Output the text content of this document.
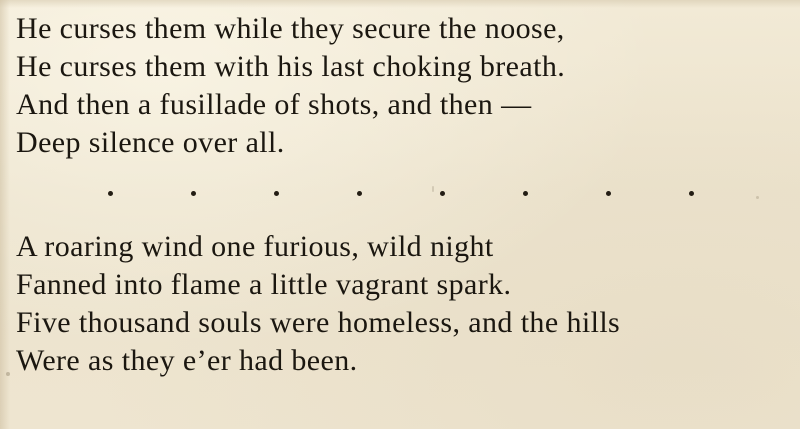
He curses them while they secure the noose,
He curses them with his last choking breath.
And then a fusillade of shots, and then —
Deep silence over all.
A roaring wind one furious, wild night
Fanned into flame a little vagrant spark.
Five thousand souls were homeless, and the hills
Were as they e’er had been.
